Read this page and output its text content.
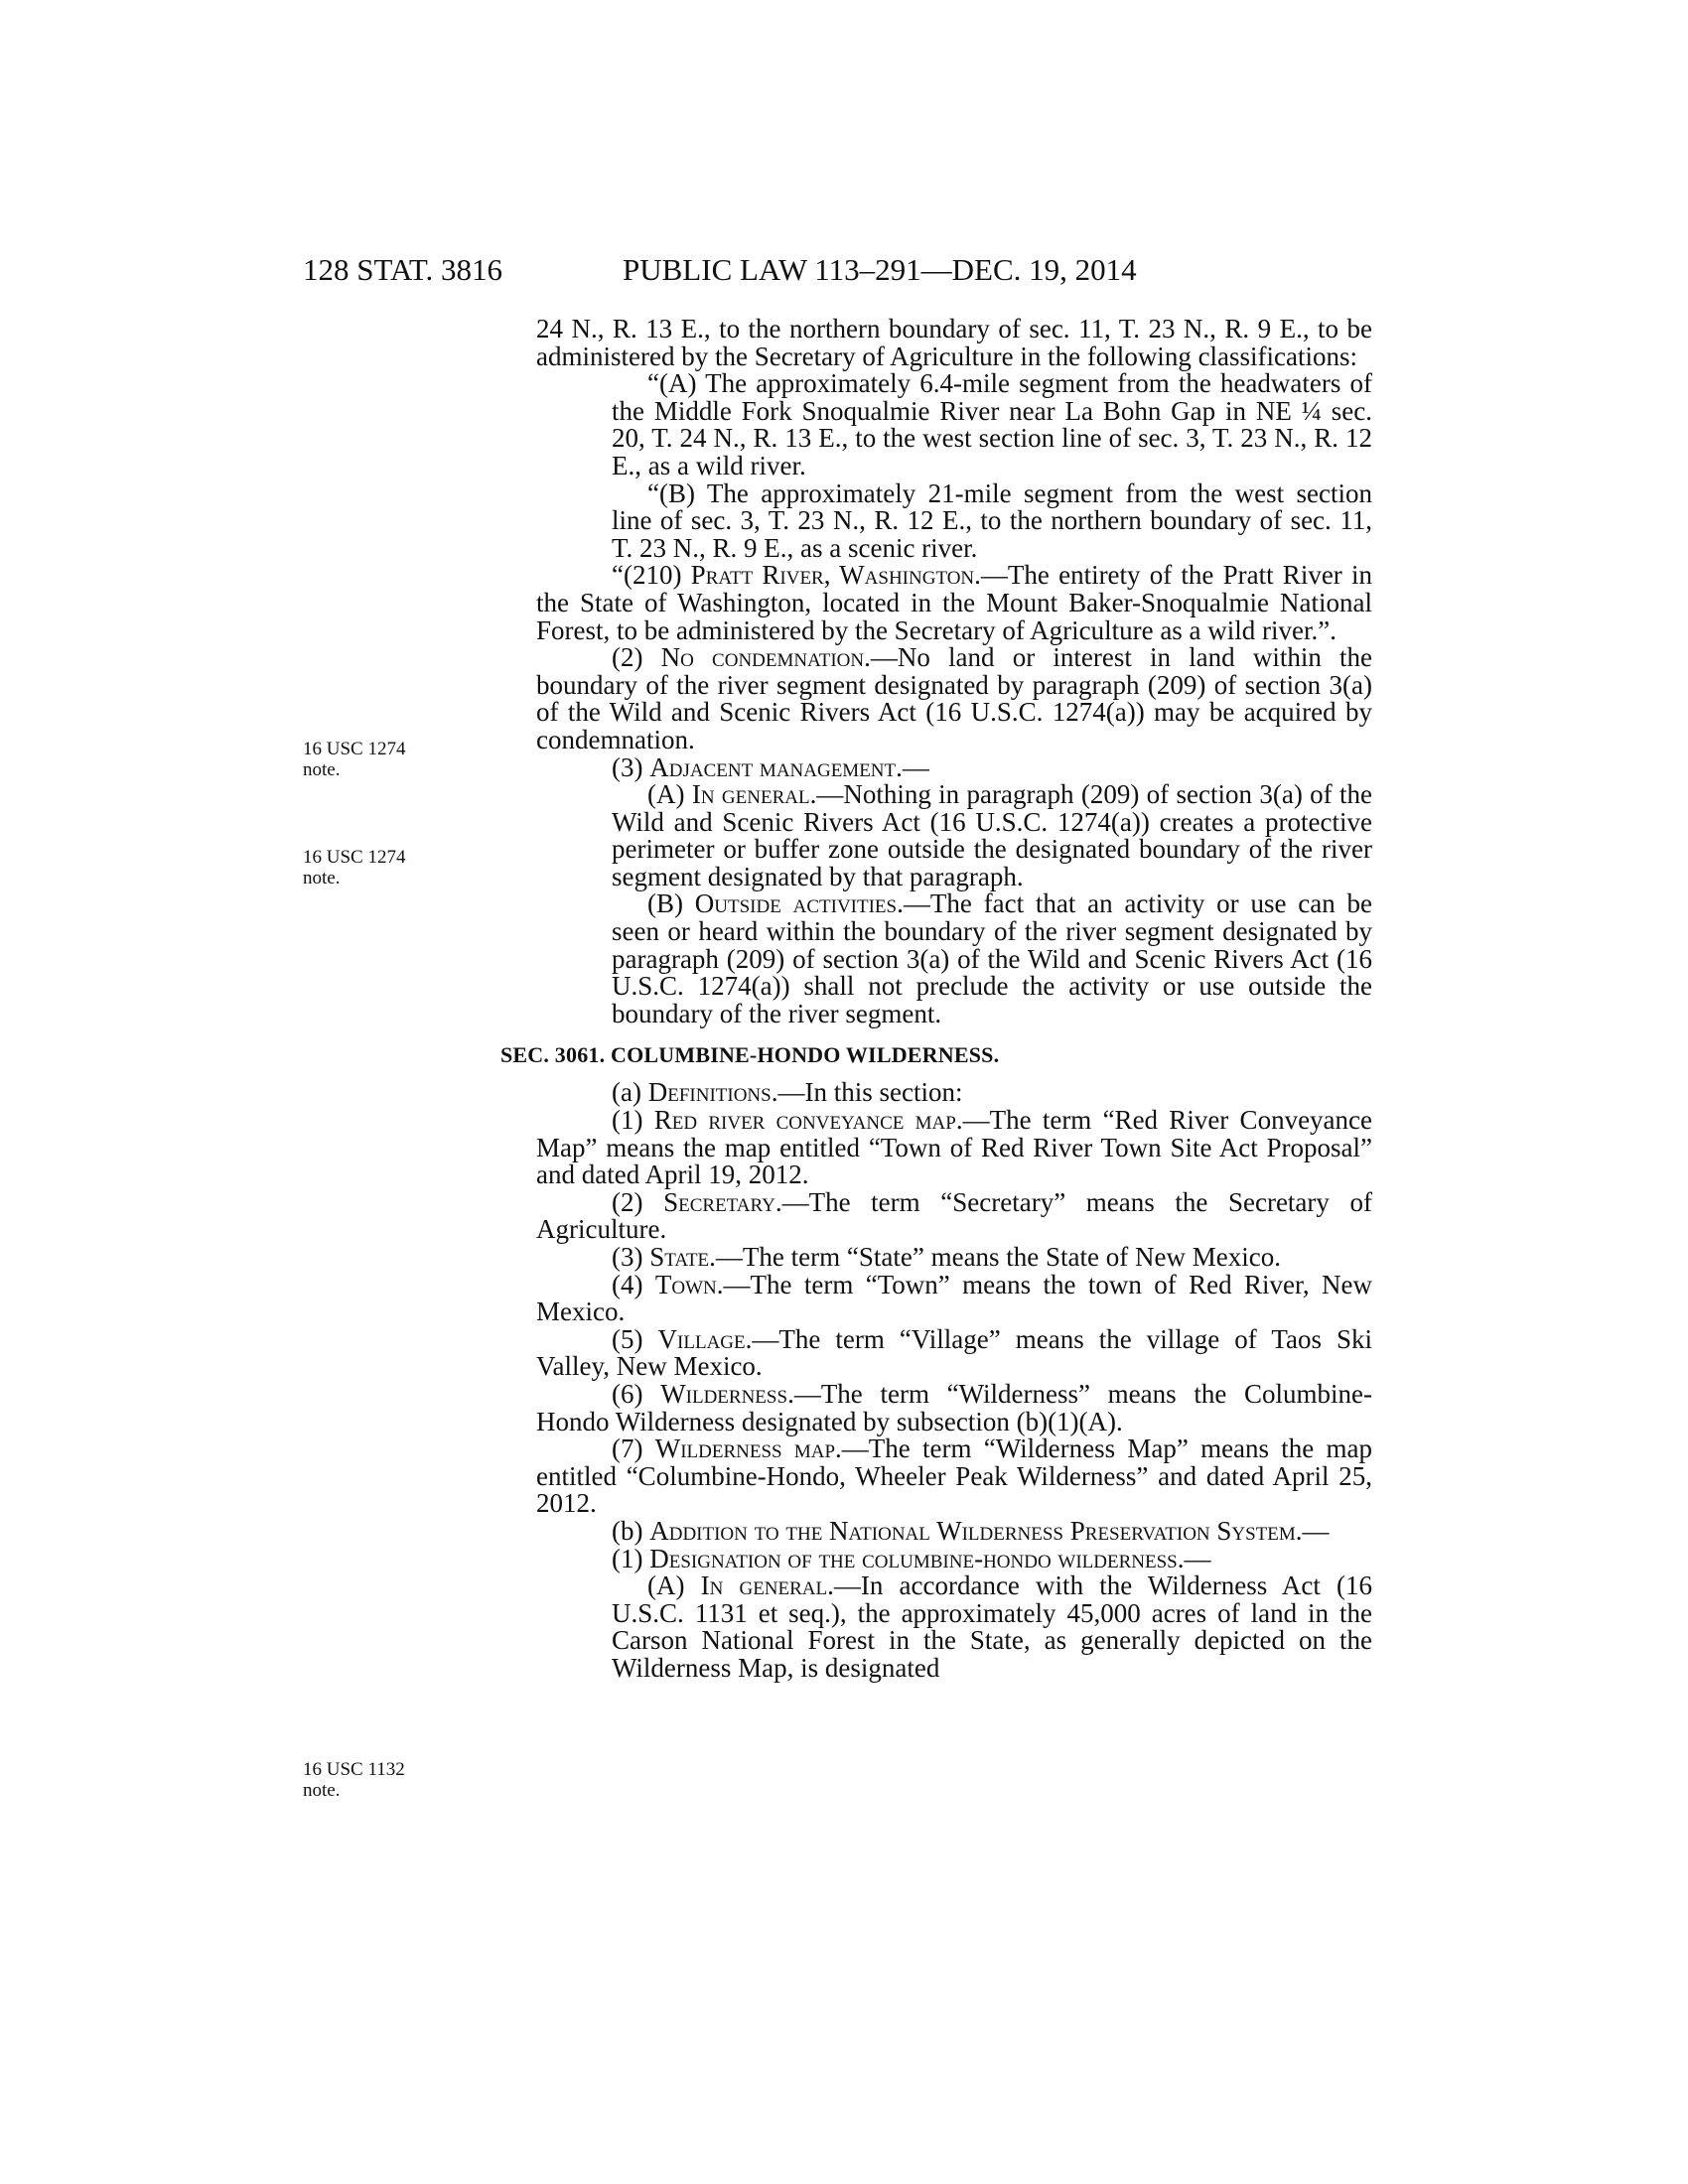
128 STAT. 3816	PUBLIC LAW 113–291—DEC. 19, 2014
16 USC 1274
note.
16 USC 1274
note.
16 USC 1132
note.

24 N., R. 13 E., to the northern boundary of sec. 11, T. 23 N., R. 9 E., to be administered by the Secretary of Agriculture in the following classifications:

“(A) The approximately 6.4-mile segment from the headwaters of the Middle Fork Snoqualmie River near La Bohn Gap in NE ¼ sec. 20, T. 24 N., R. 13 E., to the west section line of sec. 3, T. 23 N., R. 12 E., as a wild river.

“(B) The approximately 21-mile segment from the west section line of sec. 3, T. 23 N., R. 12 E., to the northern boundary of sec. 11, T. 23 N., R. 9 E., as a scenic river.

“(210) Pratt River, Washington.—The entirety of the Pratt River in the State of Washington, located in the Mount Baker-Snoqualmie National Forest, to be administered by the Secretary of Agriculture as a wild river.”.

(2) No condemnation.—No land or interest in land within the boundary of the river segment designated by paragraph (209) of section 3(a) of the Wild and Scenic Rivers Act (16 U.S.C. 1274(a)) may be acquired by condemnation.

(3) Adjacent management.—

(A) In general.—Nothing in paragraph (209) of section 3(a) of the Wild and Scenic Rivers Act (16 U.S.C. 1274(a)) creates a protective perimeter or buffer zone outside the designated boundary of the river segment designated by that paragraph.

(B) Outside activities.—The fact that an activity or use can be seen or heard within the boundary of the river segment designated by paragraph (209) of section 3(a) of the Wild and Scenic Rivers Act (16 U.S.C. 1274(a)) shall not preclude the activity or use outside the boundary of the river segment.

SEC. 3061. COLUMBINE-HONDO WILDERNESS.

(a) Definitions.—In this section:

(1) Red river conveyance map.—The term “Red River Conveyance Map” means the map entitled “Town of Red River Town Site Act Proposal” and dated April 19, 2012.

(2) Secretary.—The term “Secretary” means the Secretary of Agriculture.

(3) State.—The term “State” means the State of New Mexico.

(4) Town.—The term “Town” means the town of Red River, New Mexico.

(5) Village.—The term “Village” means the village of Taos Ski Valley, New Mexico.

(6) Wilderness.—The term “Wilderness” means the Columbine-Hondo Wilderness designated by subsection (b)(1)(A).

(7) Wilderness map.—The term “Wilderness Map” means the map entitled “Columbine-Hondo, Wheeler Peak Wilderness” and dated April 25, 2012.

(b) Addition to the National Wilderness Preservation System.—

(1) Designation of the columbine-hondo wilderness.—

(A) In general.—In accordance with the Wilderness Act (16 U.S.C. 1131 et seq.), the approximately 45,000 acres of land in the Carson National Forest in the State, as generally depicted on the Wilderness Map, is designated
